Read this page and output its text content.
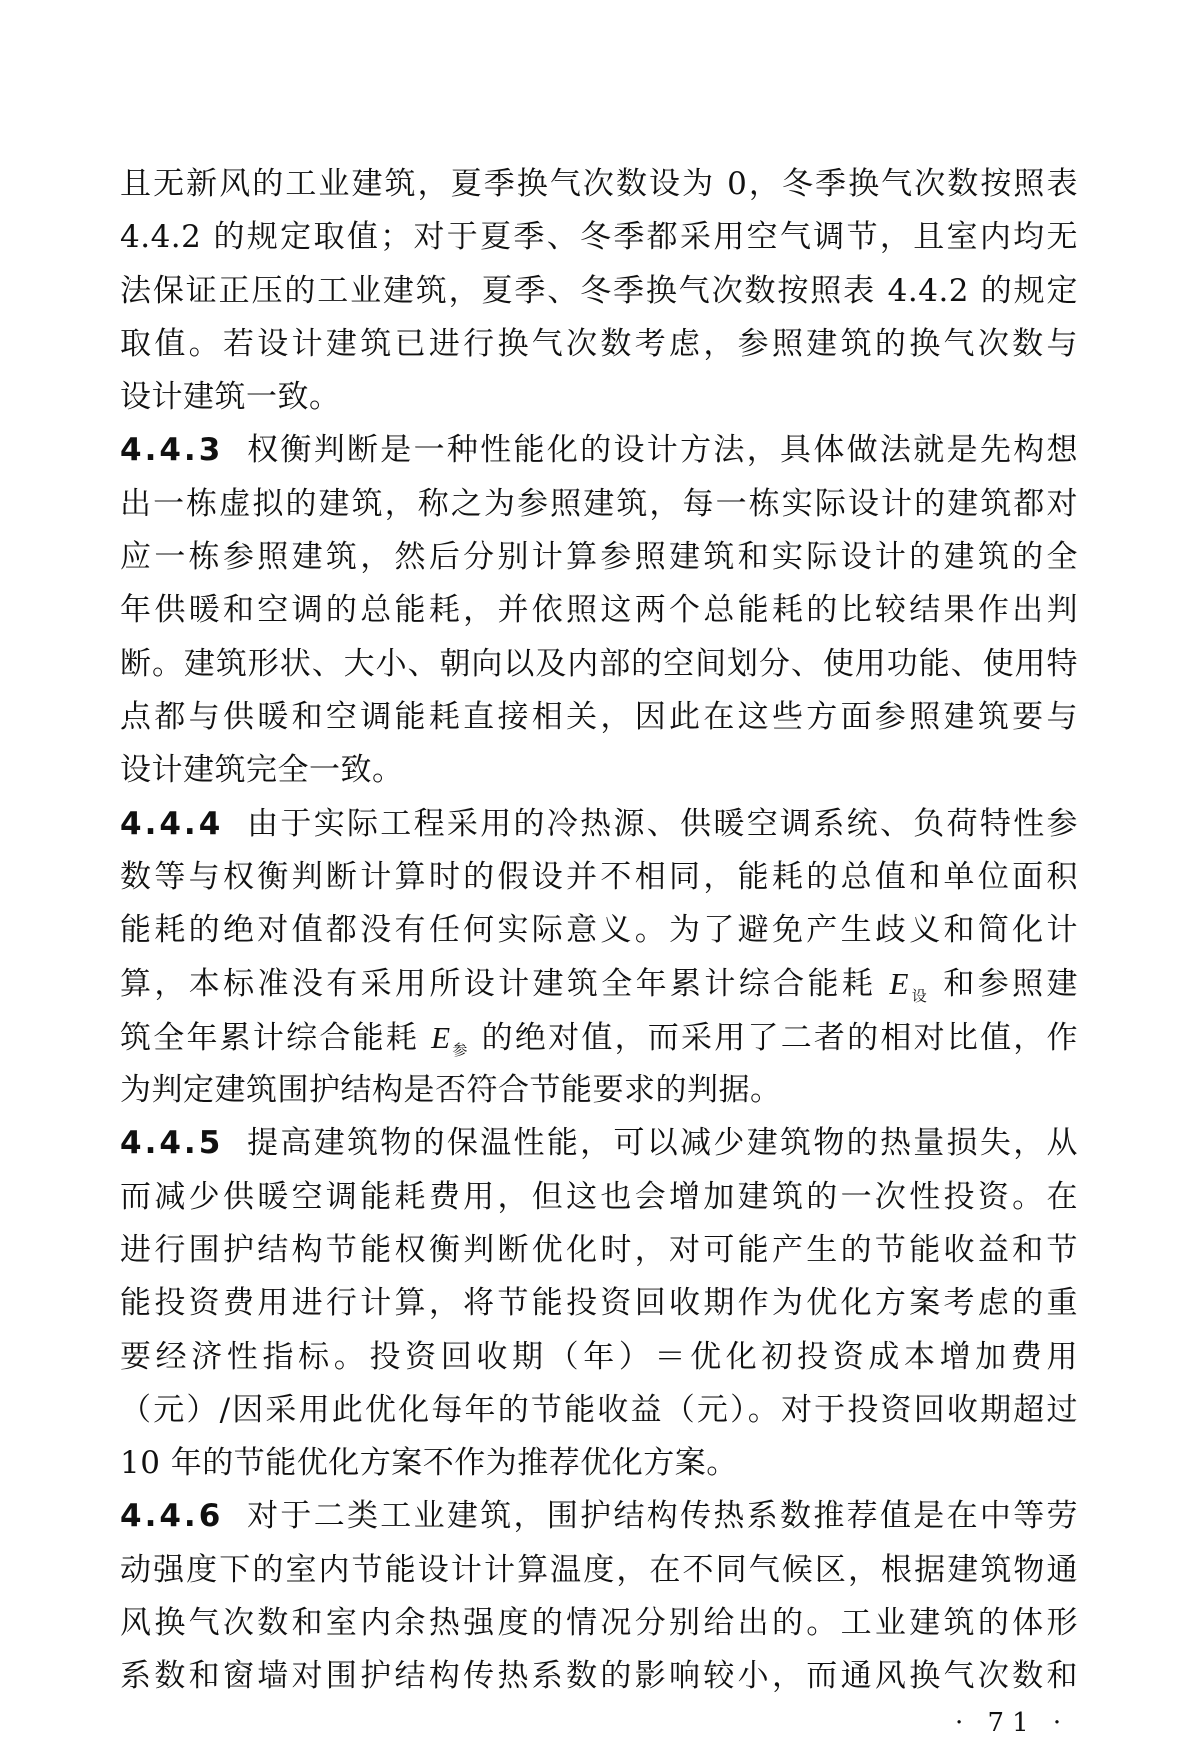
且无新风的工业建筑，夏季换气次数设为 0，冬季换气次数按照表
4.4.2 的规定取值；对于夏季、冬季都采用空气调节，且室内均无
法保证正压的工业建筑，夏季、冬季换气次数按照表 4.4.2 的规定
取值。若设计建筑已进行换气次数考虑，参照建筑的换气次数与
设计建筑一致。
4.4.3 权衡判断是一种性能化的设计方法，具体做法就是先构想
出一栋虚拟的建筑，称之为参照建筑，每一栋实际设计的建筑都对
应一栋参照建筑，然后分别计算参照建筑和实际设计的建筑的全
年供暖和空调的总能耗，并依照这两个总能耗的比较结果作出判
断。建筑形状、大小、朝向以及内部的空间划分、使用功能、使用特
点都与供暖和空调能耗直接相关，因此在这些方面参照建筑要与
设计建筑完全一致。
4.4.4 由于实际工程采用的冷热源、供暖空调系统、负荷特性参
数等与权衡判断计算时的假设并不相同，能耗的总值和单位面积
能耗的绝对值都没有任何实际意义。为了避免产生歧义和简化计
算，本标准没有采用所设计建筑全年累计综合能耗 $E_设$ 和参照建
筑全年累计综合能耗 $E_参$ 的绝对值，而采用了二者的相对比值，作
为判定建筑围护结构是否符合节能要求的判据。
4.4.5 提高建筑物的保温性能，可以减少建筑物的热量损失，从
而减少供暖空调能耗费用，但这也会增加建筑的一次性投资。在
进行围护结构节能权衡判断优化时，对可能产生的节能收益和节
能投资费用进行计算，将节能投资回收期作为优化方案考虑的重
要经济性指标。投资回收期（年）＝优化初投资成本增加费用
（元）/因采用此优化每年的节能收益（元）。对于投资回收期超过
10 年的节能优化方案不作为推荐优化方案。
4.4.6 对于二类工业建筑，围护结构传热系数推荐值是在中等劳
动强度下的室内节能设计计算温度，在不同气候区，根据建筑物通
风换气次数和室内余热强度的情况分别给出的。工业建筑的体形
系数和窗墙对围护结构传热系数的影响较小，而通风换气次数和
· 71 ·
